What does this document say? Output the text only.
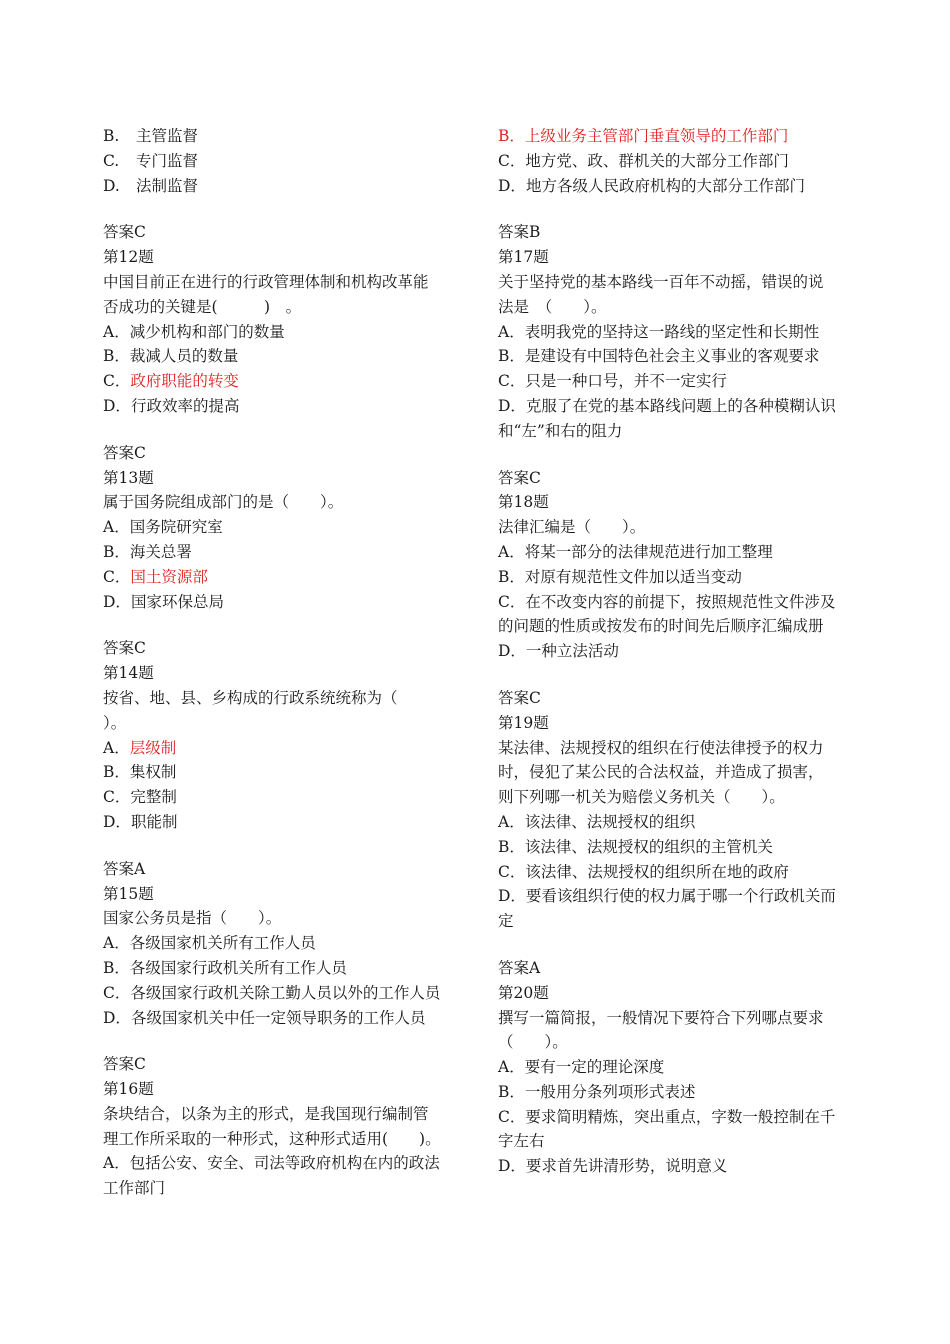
B. 主管监督
C. 专门监督
D. 法制监督
答案C
第12题
中国目前正在进行的行政管理体制和机构改革能
否成功的关键是(　　　)　。
A．减少机构和部门的数量
B．裁减人员的数量
C．政府职能的转变
D．行政效率的提高
答案C
第13题
属于国务院组成部门的是（　　）。
A．国务院研究室
B．海关总署
C．国土资源部
D．国家环保总局
答案C
第14题
按省、地、县、乡构成的行政系统统称为（
）。
A．层级制
B．集权制
C．完整制
D．职能制
答案A
第15题
国家公务员是指（　　）。
A．各级国家机关所有工作人员
B．各级国家行政机关所有工作人员
C．各级国家行政机关除工勤人员以外的工作人员
D．各级国家机关中任一定领导职务的工作人员
答案C
第16题
条块结合，以条为主的形式，是我国现行编制管
理工作所采取的一种形式，这种形式适用(　　)。
A．包括公安、安全、司法等政府机构在内的政法
工作部门
B．上级业务主管部门垂直领导的工作部门
C．地方党、政、群机关的大部分工作部门
D．地方各级人民政府机构的大部分工作部门
答案B
第17题
关于坚持党的基本路线一百年不动摇，错误的说
法是　（　　）。
A．表明我党的坚持这一路线的坚定性和长期性
B．是建设有中国特色社会主义事业的客观要求
C．只是一种口号，并不一定实行
D．克服了在党的基本路线问题上的各种模糊认识
和“左”和右的阻力
答案C
第18题
法律汇编是（　　）。
A．将某一部分的法律规范进行加工整理
B．对原有规范性文件加以适当变动
C．在不改变内容的前提下，按照规范性文件涉及
的问题的性质或按发布的时间先后顺序汇编成册
D．一种立法活动
答案C
第19题
某法律、法规授权的组织在行使法律授予的权力
时，侵犯了某公民的合法权益，并造成了损害，
则下列哪一机关为赔偿义务机关（　　）。
A．该法律、法规授权的组织
B．该法律、法规授权的组织的主管机关
C．该法律、法规授权的组织所在地的政府
D．要看该组织行使的权力属于哪一个行政机关而
定
答案A
第20题
撰写一篇简报，一般情况下要符合下列哪点要求
（　　）。
A．要有一定的理论深度
B．一般用分条列项形式表述
C．要求简明精炼，突出重点，字数一般控制在千
字左右
D．要求首先讲清形势，说明意义
